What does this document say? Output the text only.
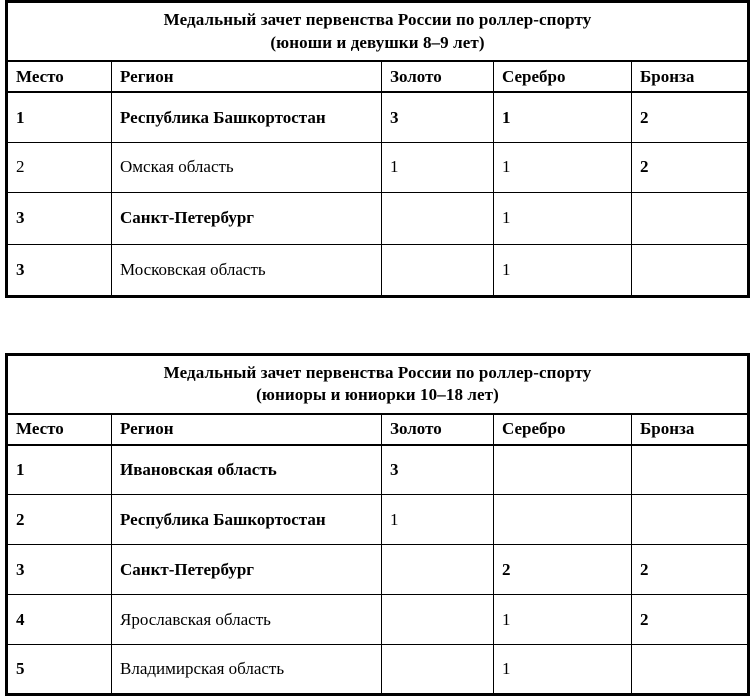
Медальный зачет первенства России по роллер-спорту
(юноши и девушки 8–9 лет)				

Место	Регион	Золото	Серебро	Бронза
1	Республика Башкортостан	3	1	2
2	Омская область	1	1	2
3	Санкт-Петербург		1	
3	Московская область		1	
Медальный зачет первенства России по роллер-спорту
(юниоры и юниорки 10–18 лет)				

Место	Регион	Золото	Серебро	Бронза
1	Ивановская область	3		
2	Республика Башкортостан	1		
3	Санкт-Петербург		2	2
4	Ярославская область		1	2
5	Владимирская область		1	
